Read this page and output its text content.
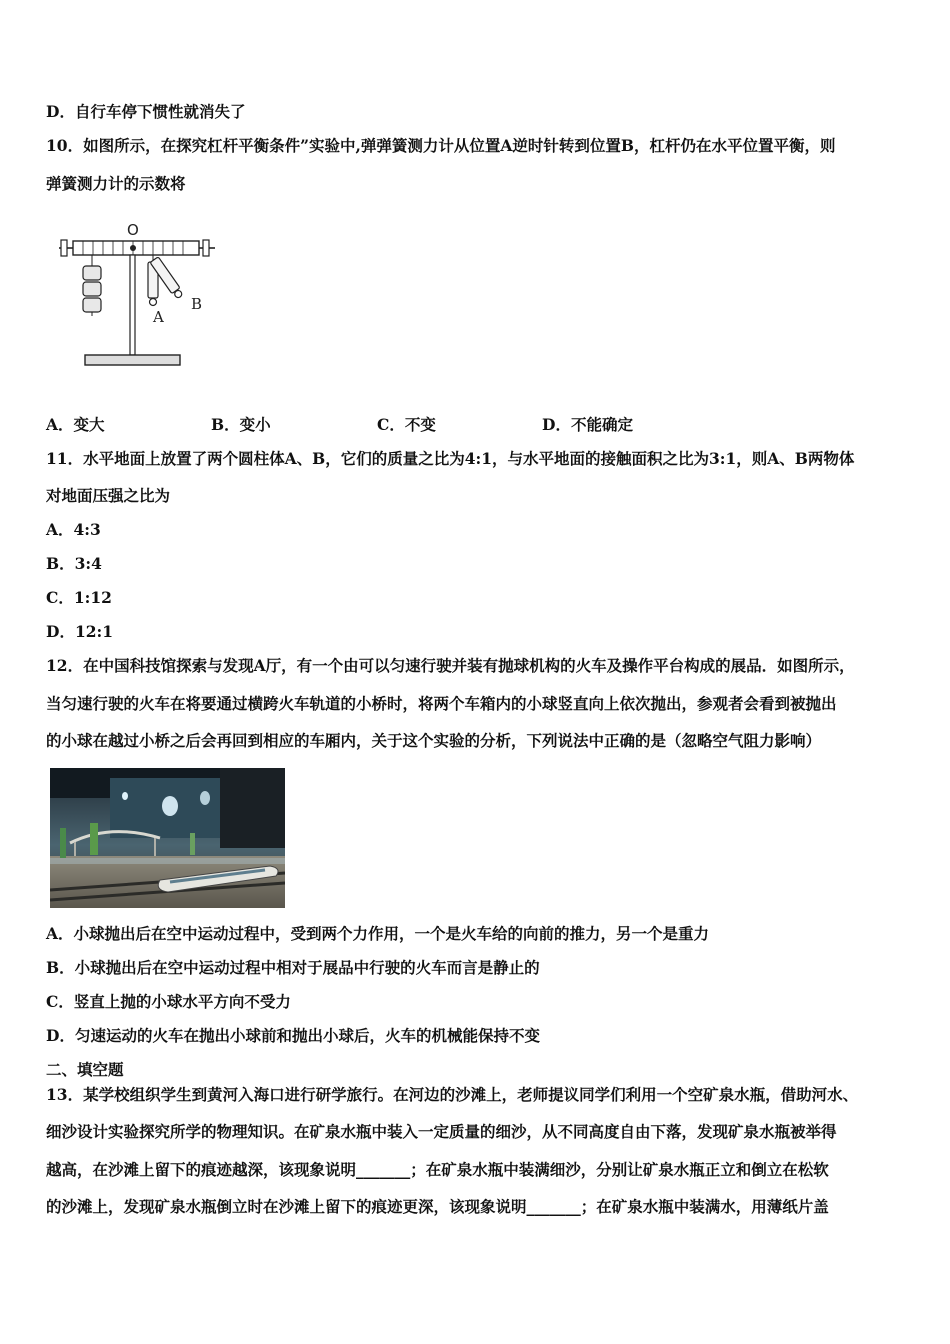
D．自行车停下惯性就消失了
10．如图所示，在探究杠杆平衡条件”实验中,弹弹簧测力计从位置A逆时针转到位置B，杠杆仍在水平位置平衡，则
弹簧测力计的示数将
O
A
B
A．变大	B．变小	C．不变	D．不能确定
11．水平地面上放置了两个圆柱体A、B，它们的质量之比为4:1，与水平地面的接触面积之比为3:1，则A、B两物体
对地面压强之比为
A．4:3
B．3:4
C．1:12
D．12:1
12．在中国科技馆探索与发现A厅，有一个由可以匀速行驶并装有抛球机构的火车及操作平台构成的展品．如图所示，
当匀速行驶的火车在将要通过横跨火车轨道的小桥时，将两个车箱内的小球竖直向上依次抛出，参观者会看到被抛出
的小球在越过小桥之后会再回到相应的车厢内，关于这个实验的分析，下列说法中正确的是（忽略空气阻力影响）
A．小球抛出后在空中运动过程中，受到两个力作用，一个是火车给的向前的推力，另一个是重力
B．小球抛出后在空中运动过程中相对于展品中行驶的火车而言是静止的
C．竖直上抛的小球水平方向不受力
D．匀速运动的火车在抛出小球前和抛出小球后，火车的机械能保持不变
二、填空题
13．某学校组织学生到黄河入海口进行研学旅行。在河边的沙滩上，老师提议同学们利用一个空矿泉水瓶，借助河水、
细沙设计实验探究所学的物理知识。在矿泉水瓶中装入一定质量的细沙，从不同高度自由下落，发现矿泉水瓶被举得
越高，在沙滩上留下的痕迹越深，该现象说明_______；在矿泉水瓶中装满细沙，分别让矿泉水瓶正立和倒立在松软
的沙滩上，发现矿泉水瓶倒立时在沙滩上留下的痕迹更深，该现象说明_______；在矿泉水瓶中装满水，用薄纸片盖
